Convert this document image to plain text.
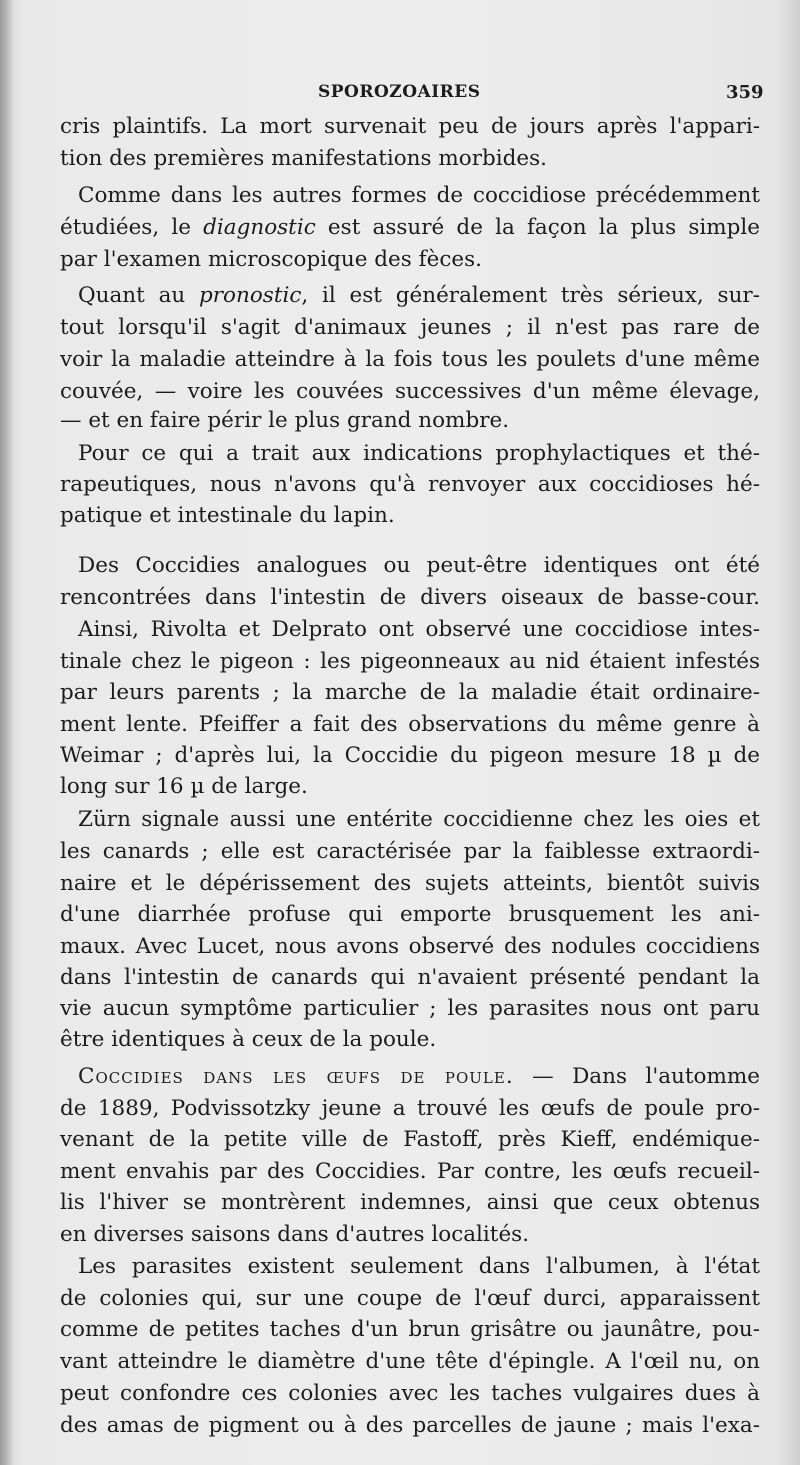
SPOROZOAIRES	359
cris plaintifs. La mort survenait peu de jours après l'appari-
tion des premières manifestations morbides.
Comme dans les autres formes de coccidiose précédemment
étudiées, le diagnostic est assuré de la façon la plus simple
par l'examen microscopique des fèces.
Quant au pronostic, il est généralement très sérieux, sur-
tout lorsqu'il s'agit d'animaux jeunes ; il n'est pas rare de
voir la maladie atteindre à la fois tous les poulets d'une même
couvée, — voire les couvées successives d'un même élevage,
— et en faire périr le plus grand nombre.
Pour ce qui a trait aux indications prophylactiques et thé-
rapeutiques, nous n'avons qu'à renvoyer aux coccidioses hé-
patique et intestinale du lapin.
Des Coccidies analogues ou peut-être identiques ont été
rencontrées dans l'intestin de divers oiseaux de basse-cour.
Ainsi, Rivolta et Delprato ont observé une coccidiose intes-
tinale chez le pigeon : les pigeonneaux au nid étaient infestés
par leurs parents ; la marche de la maladie était ordinaire-
ment lente. Pfeiffer a fait des observations du même genre à
Weimar ; d'après lui, la Coccidie du pigeon mesure 18 µ de
long sur 16 µ de large.
Zürn signale aussi une entérite coccidienne chez les oies et
les canards ; elle est caractérisée par la faiblesse extraordi-
naire et le dépérissement des sujets atteints, bientôt suivis
d'une diarrhée profuse qui emporte brusquement les ani-
maux. Avec Lucet, nous avons observé des nodules coccidiens
dans l'intestin de canards qui n'avaient présenté pendant la
vie aucun symptôme particulier ; les parasites nous ont paru
être identiques à ceux de la poule.
Coccidies dans les œufs de poule. — Dans l'automme
de 1889, Podvissotzky jeune a trouvé les œufs de poule pro-
venant de la petite ville de Fastoff, près Kieff, endémique-
ment envahis par des Coccidies. Par contre, les œufs recueil-
lis l'hiver se montrèrent indemnes, ainsi que ceux obtenus
en diverses saisons dans d'autres localités.
Les parasites existent seulement dans l'albumen, à l'état
de colonies qui, sur une coupe de l'œuf durci, apparaissent
comme de petites taches d'un brun grisâtre ou jaunâtre, pou-
vant atteindre le diamètre d'une tête d'épingle. A l'œil nu, on
peut confondre ces colonies avec les taches vulgaires dues à
des amas de pigment ou à des parcelles de jaune ; mais l'exa-
